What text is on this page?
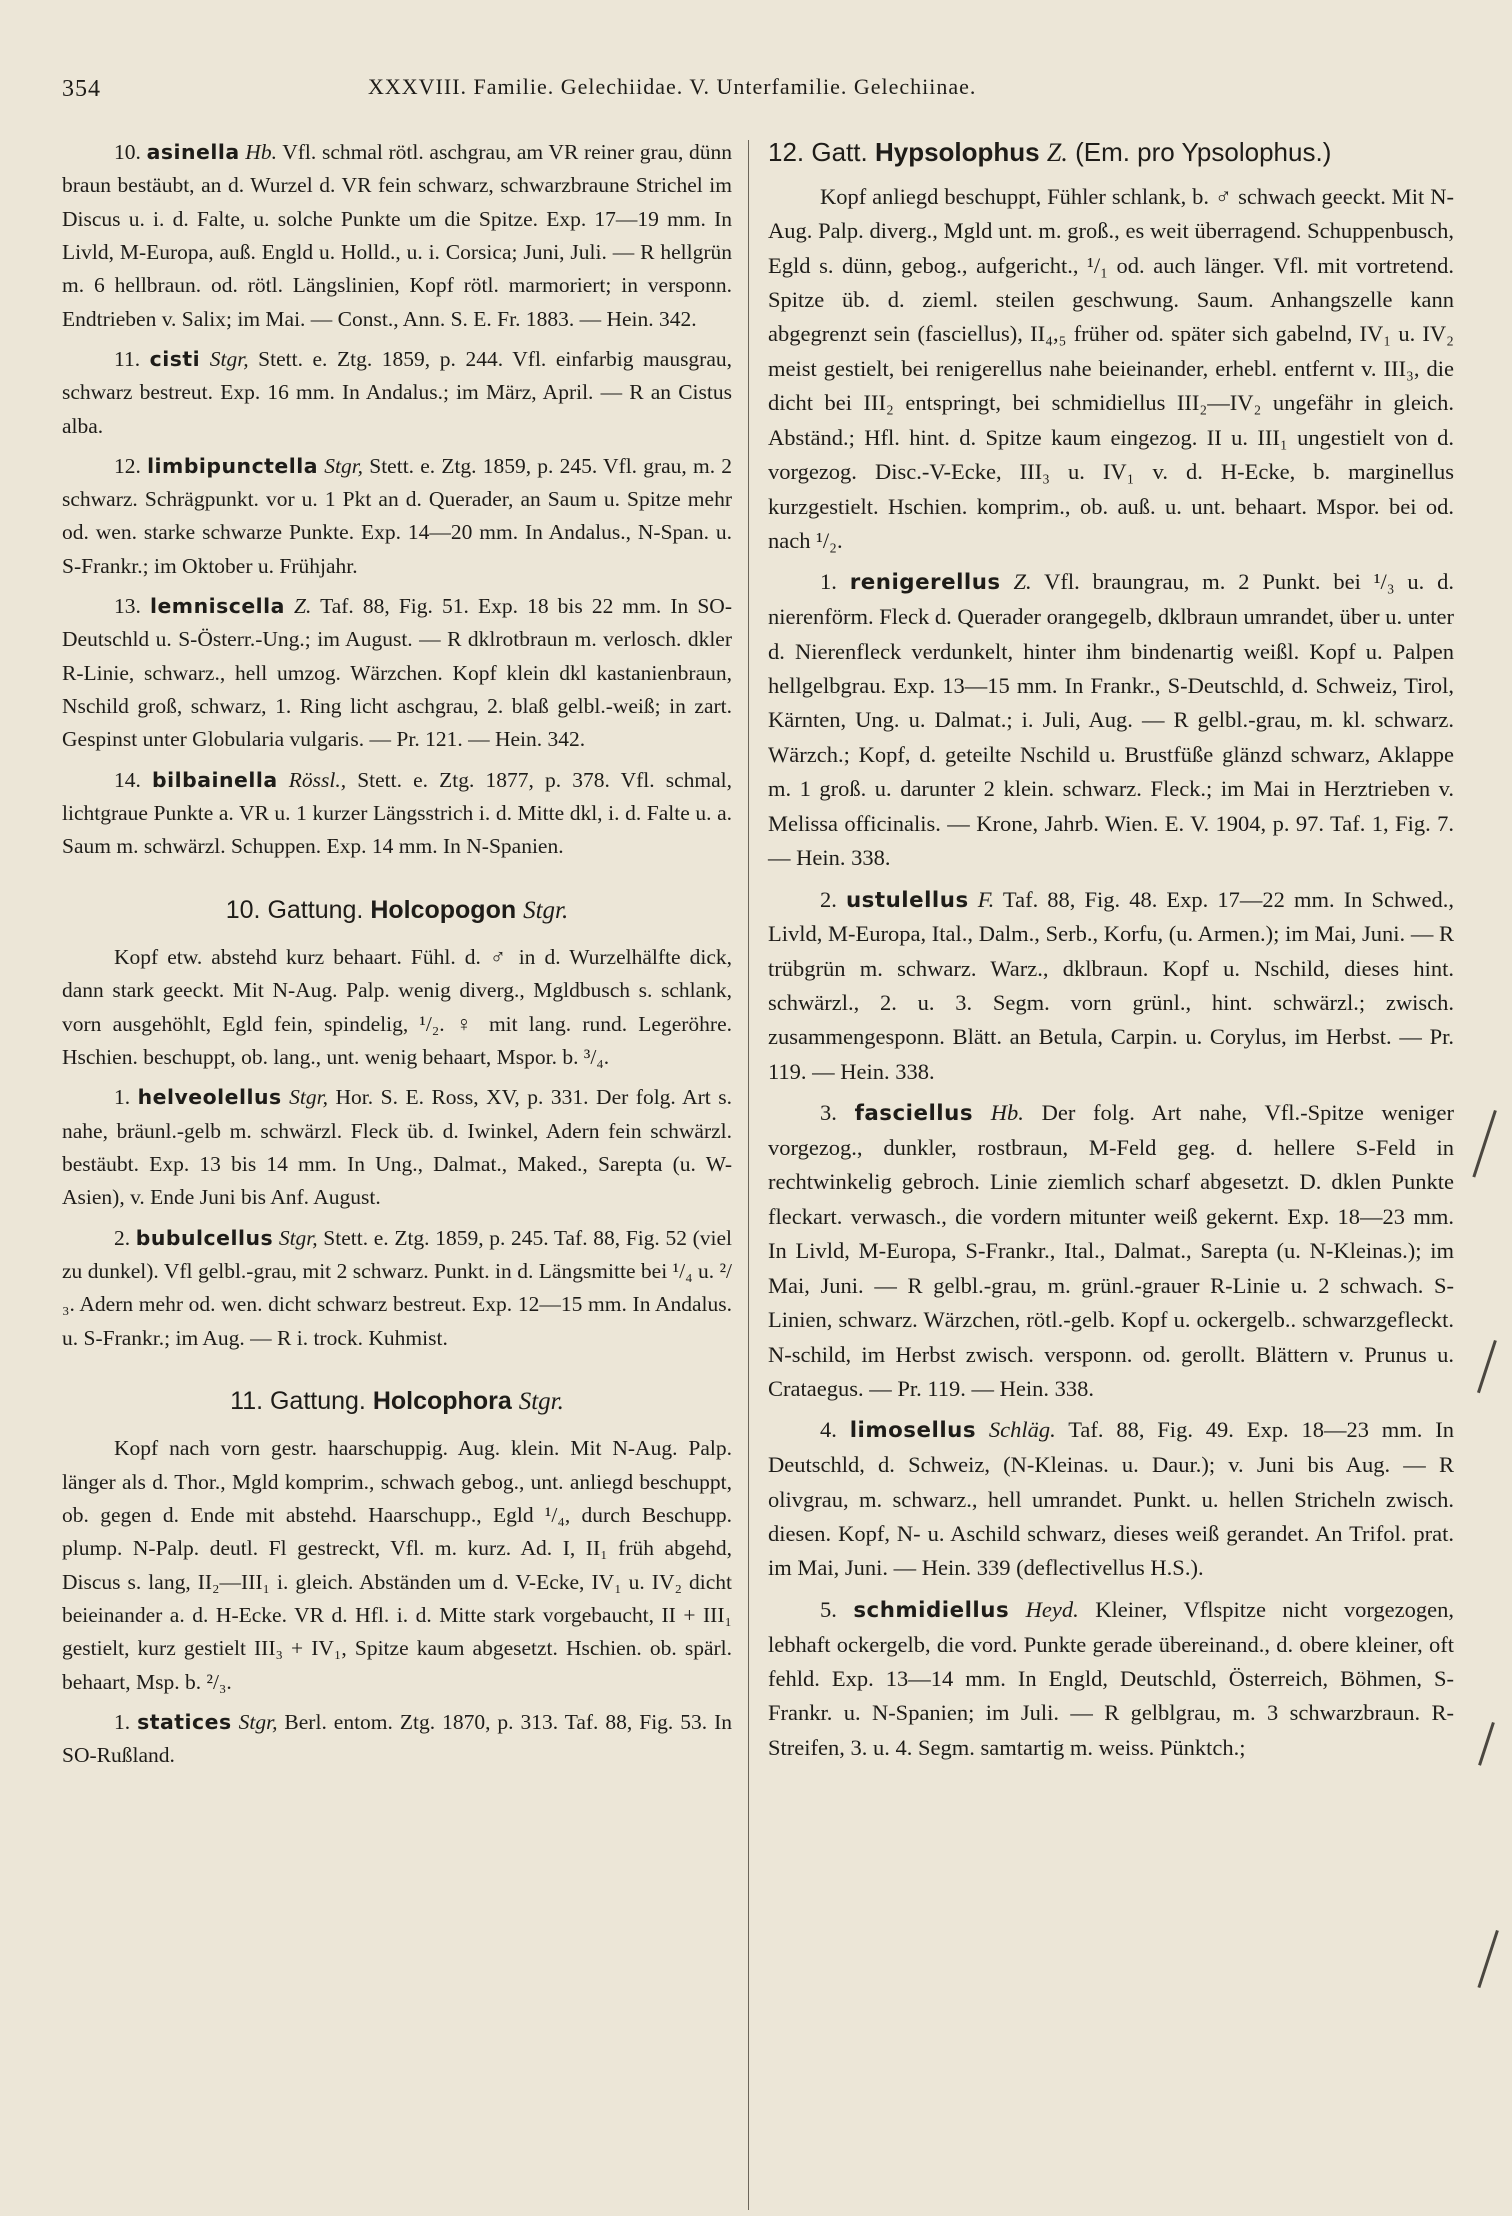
354	XXXVIII. Familie. Gelechiidae. V. Unterfamilie. Gelechiinae.

10. asinella Hb. Vfl. schmal rötl. aschgrau, am VR reiner grau, dünn braun bestäubt, an d. Wurzel d. VR fein schwarz, schwarzbraune Strichel im Discus u. i. d. Falte, u. solche Punkte um die Spitze. Exp. 17—19 mm. In Livld, M-Europa, auß. Engld u. Holld., u. i. Corsica; Juni, Juli. — R hellgrün m. 6 hellbraun. od. rötl. Längslinien, Kopf rötl. marmoriert; in versponn. Endtrieben v. Salix; im Mai. — Const., Ann. S. E. Fr. 1883. — Hein. 342.

11. cisti Stgr, Stett. e. Ztg. 1859, p. 244. Vfl. einfarbig mausgrau, schwarz bestreut. Exp. 16 mm. In Andalus.; im März, April. — R an Cistus alba.

12. limbipunctella Stgr, Stett. e. Ztg. 1859, p. 245. Vfl. grau, m. 2 schwarz. Schrägpunkt. vor u. 1 Pkt an d. Querader, an Saum u. Spitze mehr od. wen. starke schwarze Punkte. Exp. 14—20 mm. In Andalus., N-Span. u. S-Frankr.; im Oktober u. Frühjahr.

13. lemniscella Z. Taf. 88, Fig. 51. Exp. 18 bis 22 mm. In SO-Deutschld u. S-Österr.-Ung.; im August. — R dklrotbraun m. verlosch. dkler R-Linie, schwarz., hell umzog. Wärzchen. Kopf klein dkl kastanienbraun, Nschild groß, schwarz, 1. Ring licht aschgrau, 2. blaß gelbl.-weiß; in zart. Gespinst unter Globularia vulgaris. — Pr. 121. — Hein. 342.

14. bilbainella Rössl., Stett. e. Ztg. 1877, p. 378. Vfl. schmal, lichtgraue Punkte a. VR u. 1 kurzer Längsstrich i. d. Mitte dkl, i. d. Falte u. a. Saum m. schwärzl. Schuppen. Exp. 14 mm. In N-Spanien.

10. Gattung. Holcopogon Stgr.

Kopf etw. abstehd kurz behaart. Fühl. d. ♂ in d. Wurzelhälfte dick, dann stark geeckt. Mit N-Aug. Palp. wenig diverg., Mgldbusch s. schlank, vorn ausgehöhlt, Egld fein, spindelig, ¹/₂. ♀ mit lang. rund. Legeröhre. Hschien. beschuppt, ob. lang., unt. wenig behaart, Mspor. b. ³/₄.

1. helveolellus Stgr, Hor. S. E. Ross, XV, p. 331. Der folg. Art s. nahe, bräunl.-gelb m. schwärzl. Fleck üb. d. Iwinkel, Adern fein schwärzl. bestäubt. Exp. 13 bis 14 mm. In Ung., Dalmat., Maked., Sarepta (u. W-Asien), v. Ende Juni bis Anf. August.

2. bubulcellus Stgr, Stett. e. Ztg. 1859, p. 245. Taf. 88, Fig. 52 (viel zu dunkel). Vfl gelbl.-grau, mit 2 schwarz. Punkt. in d. Längsmitte bei ¹/₄ u. ²/₃. Adern mehr od. wen. dicht schwarz bestreut. Exp. 12—15 mm. In Andalus. u. S-Frankr.; im Aug. — R i. trock. Kuhmist.

11. Gattung. Holcophora Stgr.

Kopf nach vorn gestr. haarschuppig. Aug. klein. Mit N-Aug. Palp. länger als d. Thor., Mgld komprim., schwach gebog., unt. anliegd beschuppt, ob. gegen d. Ende mit abstehd. Haarschupp., Egld ¹/₄, durch Beschupp. plump. N-Palp. deutl. Fl gestreckt, Vfl. m. kurz. Ad. I, II₁ früh abgehd, Discus s. lang, II₂—III₁ i. gleich. Abständen um d. V-Ecke, IV₁ u. IV₂ dicht beieinander a. d. H-Ecke. VR d. Hfl. i. d. Mitte stark vorgebaucht, II + III₁ gestielt, kurz gestielt III₃ + IV₁, Spitze kaum abgesetzt. Hschien. ob. spärl. behaart, Msp. b. ²/₃.

1. statices Stgr, Berl. entom. Ztg. 1870, p. 313. Taf. 88, Fig. 53. In SO-Rußland.

12. Gatt. Hypsolophus Z. (Em. pro Ypsolophus.)

Kopf anliegd beschuppt, Fühler schlank, b. ♂ schwach geeckt. Mit N-Aug. Palp. diverg., Mgld unt. m. groß., es weit überragend. Schuppenbusch, Egld s. dünn, gebog., aufgericht., ¹/₁ od. auch länger. Vfl. mit vortretend. Spitze üb. d. zieml. steilen geschwung. Saum. Anhangszelle kann abgegrenzt sein (fasciellus), II₄,₅ früher od. später sich gabelnd, IV₁ u. IV₂ meist gestielt, bei renigerellus nahe beieinander, erhebl. entfernt v. III₃, die dicht bei III₂ entspringt, bei schmidiellus III₂—IV₂ ungefähr in gleich. Abständ.; Hfl. hint. d. Spitze kaum eingezog. II u. III₁ ungestielt von d. vorgezog. Disc.-V-Ecke, III₃ u. IV₁ v. d. H-Ecke, b. marginellus kurzgestielt. Hschien. komprim., ob. auß. u. unt. behaart. Mspor. bei od. nach ¹/₂.

1. renigerellus Z. Vfl. braungrau, m. 2 Punkt. bei ¹/₃ u. d. nierenförm. Fleck d. Querader orangegelb, dklbraun umrandet, über u. unter d. Nierenfleck verdunkelt, hinter ihm bindenartig weißl. Kopf u. Palpen hellgelbgrau. Exp. 13—15 mm. In Frankr., S-Deutschld, d. Schweiz, Tirol, Kärnten, Ung. u. Dalmat.; i. Juli, Aug. — R gelbl.-grau, m. kl. schwarz. Wärzch.; Kopf, d. geteilte Nschild u. Brustfüße glänzd schwarz, Aklappe m. 1 groß. u. darunter 2 klein. schwarz. Fleck.; im Mai in Herztrieben v. Melissa officinalis. — Krone, Jahrb. Wien. E. V. 1904, p. 97. Taf. 1, Fig. 7. — Hein. 338.

2. ustulellus F. Taf. 88, Fig. 48. Exp. 17—22 mm. In Schwed., Livld, M-Europa, Ital., Dalm., Serb., Korfu, (u. Armen.); im Mai, Juni. — R trübgrün m. schwarz. Warz., dklbraun. Kopf u. Nschild, dieses hint. schwärzl., 2. u. 3. Segm. vorn grünl., hint. schwärzl.; zwisch. zusammengesponn. Blätt. an Betula, Carpin. u. Corylus, im Herbst. — Pr. 119. — Hein. 338.

3. fasciellus Hb. Der folg. Art nahe, Vfl.-Spitze weniger vorgezog., dunkler, rostbraun, M-Feld geg. d. hellere S-Feld in rechtwinkelig gebroch. Linie ziemlich scharf abgesetzt. D. dklen Punkte fleckart. verwasch., die vordern mitunter weiß gekernt. Exp. 18—23 mm. In Livld, M-Europa, S-Frankr., Ital., Dalmat., Sarepta (u. N-Kleinas.); im Mai, Juni. — R gelbl.-grau, m. grünl.-grauer R-Linie u. 2 schwach. S-Linien, schwarz. Wärzchen, rötl.-gelb. Kopf u. ockergelb.. schwarzgefleckt. N-schild, im Herbst zwisch. versponn. od. gerollt. Blättern v. Prunus u. Crataegus. — Pr. 119. — Hein. 338.

4. limosellus Schläg. Taf. 88, Fig. 49. Exp. 18—23 mm. In Deutschld, d. Schweiz, (N-Kleinas. u. Daur.); v. Juni bis Aug. — R olivgrau, m. schwarz., hell umrandet. Punkt. u. hellen Stricheln zwisch. diesen. Kopf, N- u. Aschild schwarz, dieses weiß gerandet. An Trifol. prat. im Mai, Juni. — Hein. 339 (deflectivellus H.S.).

5. schmidiellus Heyd. Kleiner, Vflspitze nicht vorgezogen, lebhaft ockergelb, die vord. Punkte gerade übereinand., d. obere kleiner, oft fehld. Exp. 13—14 mm. In Engld, Deutschld, Österreich, Böhmen, S-Frankr. u. N-Spanien; im Juli. — R gelblgrau, m. 3 schwarzbraun. R-Streifen, 3. u. 4. Segm. samtartig m. weiss. Pünktch.;
